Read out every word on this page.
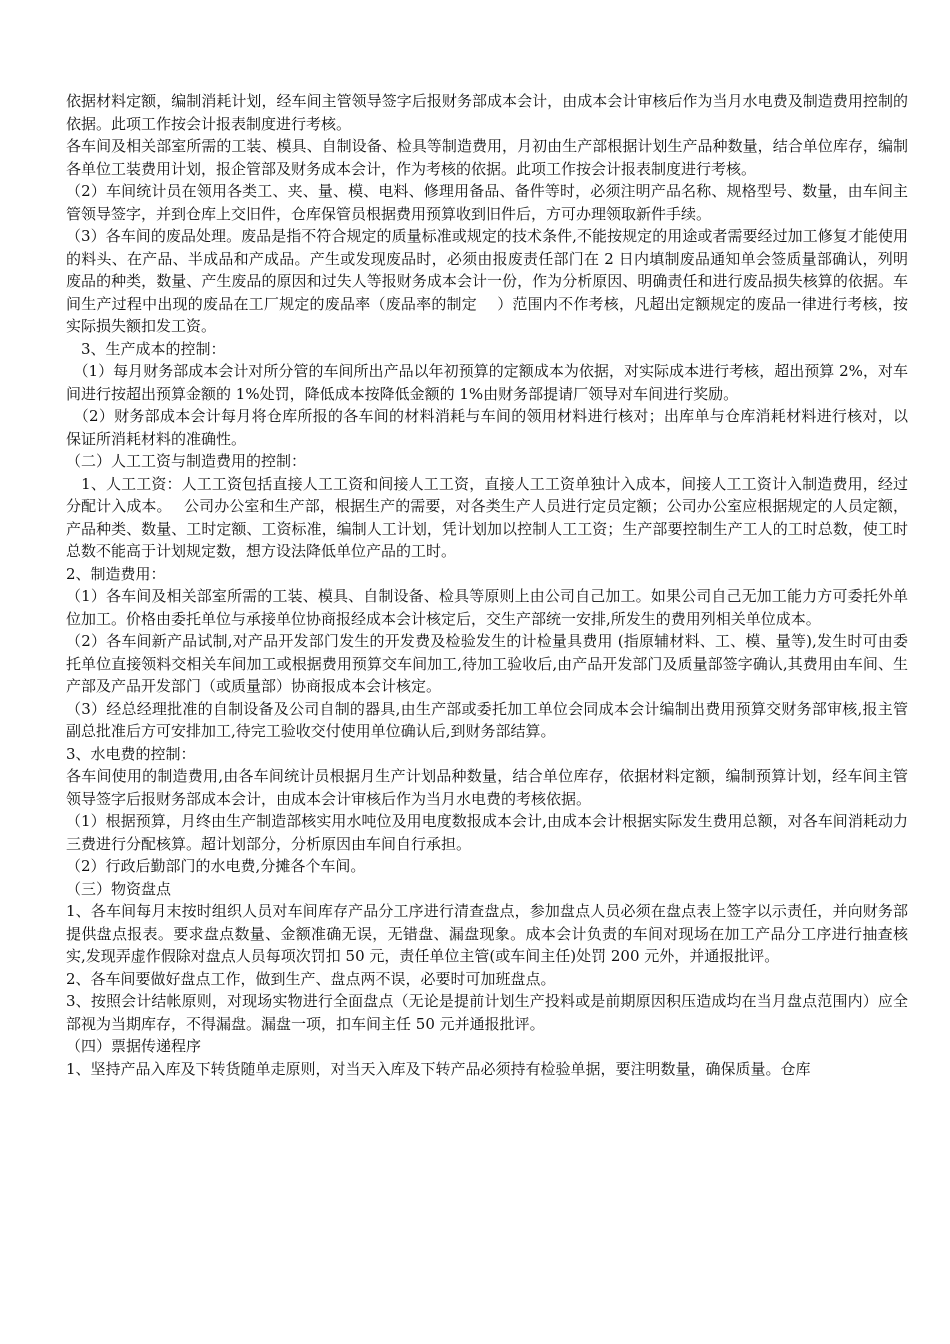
依据材料定额，编制消耗计划，经车间主管领导签字后报财务部成本会计，由成本会计审核后作为当月水电费及制造费用控制的依据。此项工作按会计报表制度进行考核。

各车间及相关部室所需的工装、模具、自制设备、检具等制造费用，月初由生产部根据计划生产品种数量，结合单位库存，编制各单位工装费用计划，报企管部及财务成本会计，作为考核的依据。此项工作按会计报表制度进行考核。

（2）车间统计员在领用各类工、夹、量、模、电料、修理用备品、备件等时，必须注明产品名称、规格型号、数量，由车间主管领导签字，并到仓库上交旧件，仓库保管员根据费用预算收到旧件后，方可办理领取新件手续。

（3）各车间的废品处理。废品是指不符合规定的质量标准或规定的技术条件,不能按规定的用途或者需要经过加工修复才能使用的料头、在产品、半成品和产成品。产生或发现废品时，必须由报废责任部门在 2 日内填制废品通知单会签质量部确认，列明废品的种类，数量、产生废品的原因和过失人等报财务成本会计一份，作为分析原因、明确责任和进行废品损失核算的依据。车间生产过程中出现的废品在工厂规定的废品率（废品率的制定　 ）范围内不作考核，凡超出定额规定的废品一律进行考核，按实际损失额扣发工资。

　3、生产成本的控制：

　（1）每月财务部成本会计对所分管的车间所出产品以年初预算的定额成本为依据，对实际成本进行考核，超出预算 2%，对车间进行按超出预算金额的 1%处罚，降低成本按降低金额的 1%由财务部提请厂领导对车间进行奖励。

　（2）财务部成本会计每月将仓库所报的各车间的材料消耗与车间的领用材料进行核对；出库单与仓库消耗材料进行核对，以保证所消耗材料的准确性。

（二）人工工资与制造费用的控制：

　1、人工工资：人工工资包括直接人工工资和间接人工工资，直接人工工资单独计入成本，间接人工工资计入制造费用，经过分配计入成本。　 公司办公室和生产部，根据生产的需要，对各类生产人员进行定员定额；公司办公室应根据规定的人员定额，产品种类、数量、工时定额、工资标准，编制人工计划，凭计划加以控制人工工资；生产部要控制生产工人的工时总数，使工时总数不能高于计划规定数，想方设法降低单位产品的工时。

2、制造费用：

（1）各车间及相关部室所需的工装、模具、自制设备、检具等原则上由公司自己加工。如果公司自己无加工能力方可委托外单位加工。价格由委托单位与承接单位协商报经成本会计核定后，交生产部统一安排,所发生的费用列相关单位成本。

（2）各车间新产品试制,对产品开发部门发生的开发费及检验发生的计检量具费用 (指原辅材料、工、模、量等),发生时可由委托单位直接领料交相关车间加工或根据费用预算交车间加工,待加工验收后,由产品开发部门及质量部签字确认,其费用由车间、生产部及产品开发部门（或质量部）协商报成本会计核定。

（3）经总经理批准的自制设备及公司自制的器具,由生产部或委托加工单位会同成本会计编制出费用预算交财务部审核,报主管副总批准后方可安排加工,待完工验收交付使用单位确认后,到财务部结算。

3、水电费的控制：

各车间使用的制造费用,由各车间统计员根据月生产计划品种数量，结合单位库存，依据材料定额，编制预算计划，经车间主管领导签字后报财务部成本会计，由成本会计审核后作为当月水电费的考核依据。

（1）根据预算，月终由生产制造部核实用水吨位及用电度数报成本会计,由成本会计根据实际发生费用总额，对各车间消耗动力三费进行分配核算。超计划部分，分析原因由车间自行承担。

（2）行政后勤部门的水电费,分摊各个车间。

（三）物资盘点

1、各车间每月末按时组织人员对车间库存产品分工序进行清查盘点，参加盘点人员必须在盘点表上签字以示责任，并向财务部提供盘点报表。要求盘点数量、金额准确无误，无错盘、漏盘现象。成本会计负责的车间对现场在加工产品分工序进行抽查核实,发现弄虚作假除对盘点人员每项次罚扣 50 元，责任单位主管(或车间主任)处罚 200 元外，并通报批评。

2、各车间要做好盘点工作，做到生产、盘点两不误，必要时可加班盘点。

3、按照会计结帐原则，对现场实物进行全面盘点（无论是提前计划生产投料或是前期原因积压造成均在当月盘点范围内）应全部视为当期库存，不得漏盘。漏盘一项，扣车间主任 50 元并通报批评。

（四）票据传递程序

1、坚持产品入库及下转货随单走原则，对当天入库及下转产品必须持有检验单据，要注明数量，确保质量。仓库
